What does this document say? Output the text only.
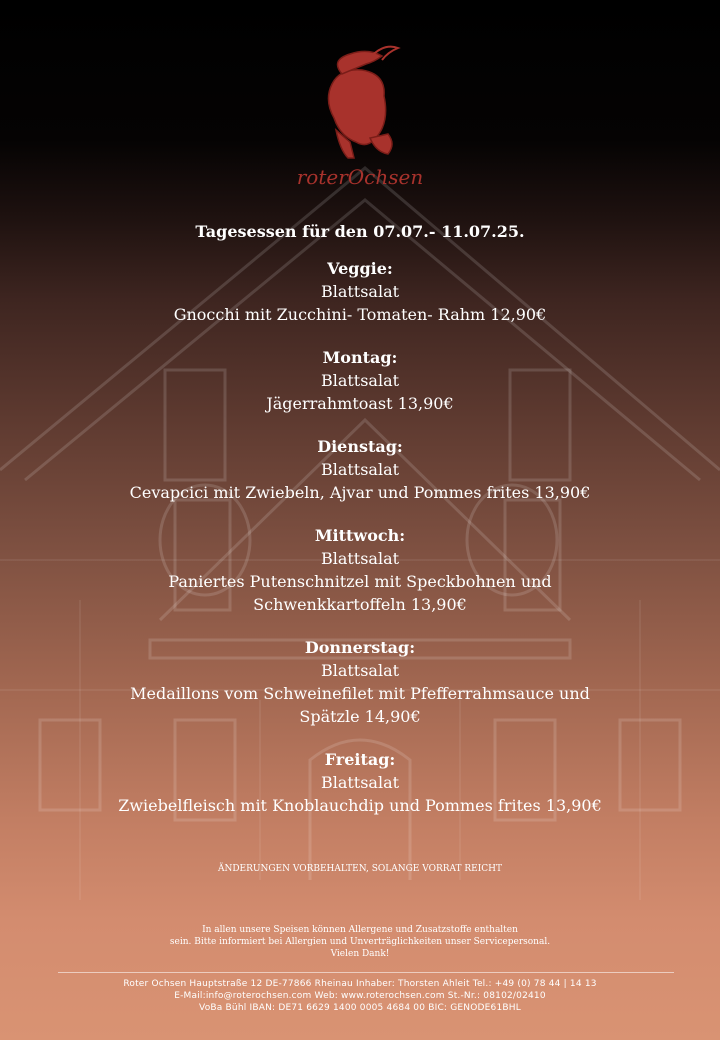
roterOchsen
Tagesessen für den 07.07.- 11.07.25.
Veggie:
Blattsalat
Gnocchi mit Zucchini- Tomaten- Rahm 12,90€
Montag:
Blattsalat
Jägerrahmtoast 13,90€
Dienstag:
Blattsalat
Cevapcici mit Zwiebeln, Ajvar und Pommes frites 13,90€
Mittwoch:
Blattsalat
Paniertes Putenschnitzel mit Speckbohnen und Schwenkkartoffeln 13,90€
Donnerstag:
Blattsalat
Medaillons vom Schweinefilet mit Pfefferrahmsauce und Spätzle 14,90€
Freitag:
Blattsalat
Zwiebelfleisch mit Knoblauchdip und Pommes frites 13,90€
ÄNDERUNGEN VORBEHALTEN, SOLANGE VORRAT REICHT
In allen unsere Speisen können Allergene und Zusatzstoffe enthalten
sein. Bitte informiert bei Allergien und Unverträglichkeiten unser Servicepersonal.
Vielen Dank!
Roter Ochsen Hauptstraße 12 DE-77866 Rheinau Inhaber: Thorsten Ahleit Tel.: +49 (0) 78 44 | 14 13
E-Mail:info@roterochsen.com Web: www.roterochsen.com St.-Nr.: 08102/02410
VoBa Bühl IBAN: DE71 6629 1400 0005 4684 00 BIC: GENODE61BHL
